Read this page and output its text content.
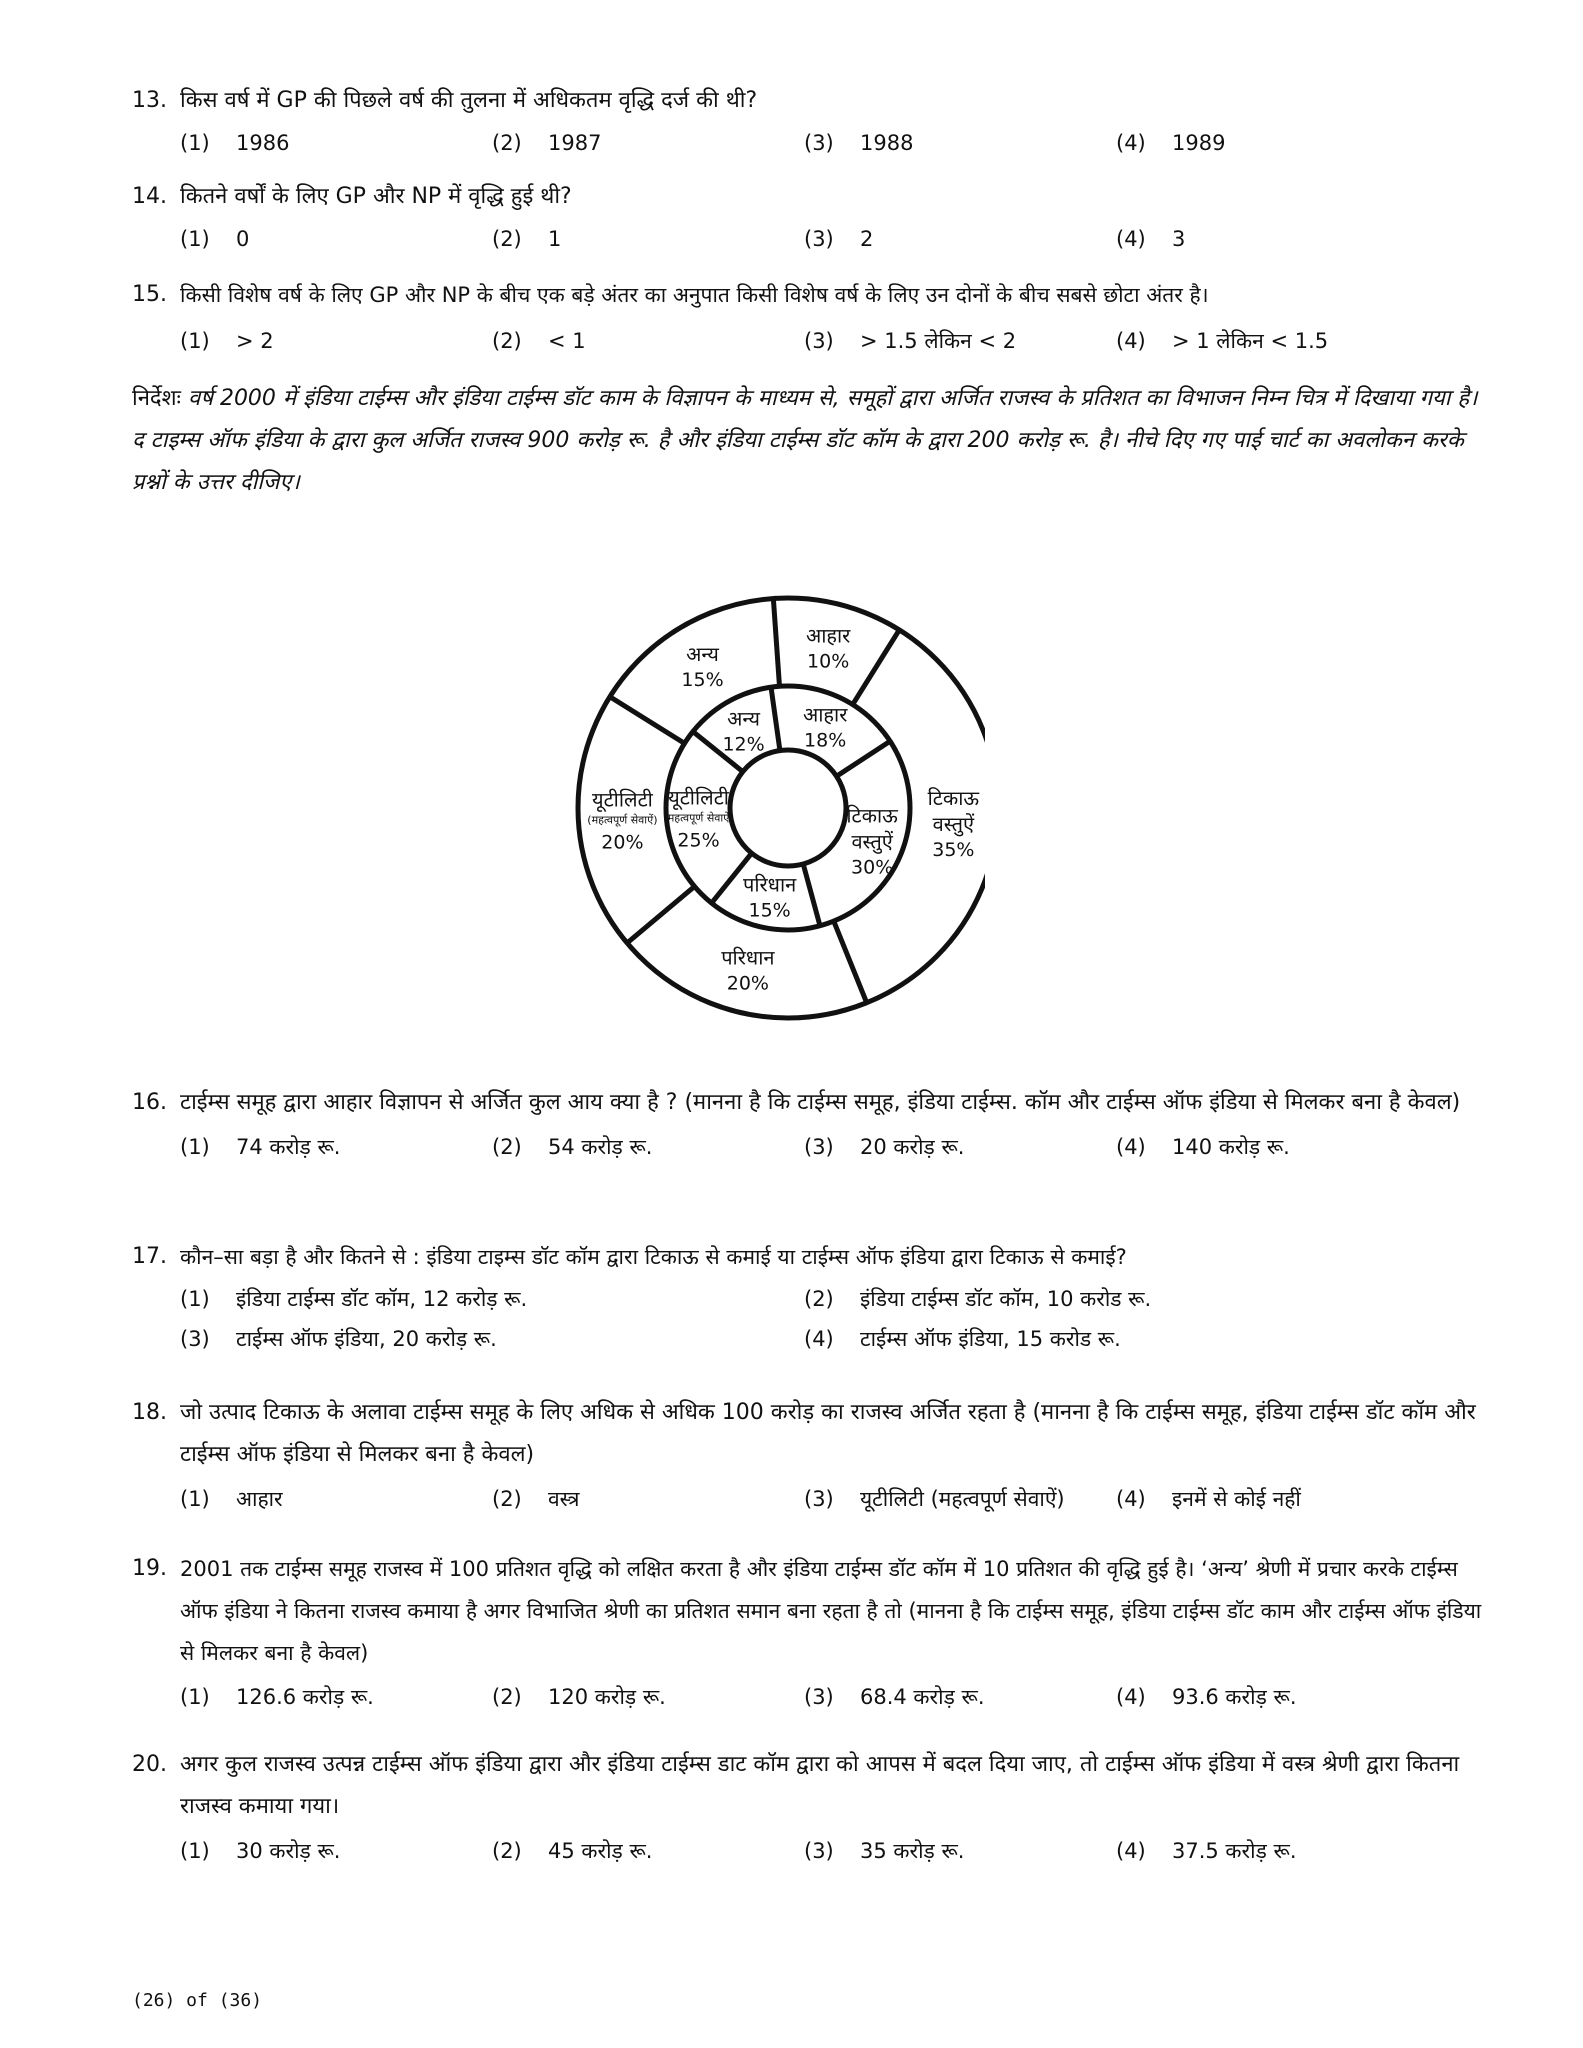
13. किस वर्ष में GP की पिछले वर्ष की तुलना में अधिकतम वृद्धि दर्ज की थी?
(1) 1986	(2) 1987	(3) 1988	(4) 1989
14. कितने वर्षों के लिए GP और NP में वृद्धि हुई थी?
(1) 0	(2) 1	(3) 2	(4) 3
15. किसी विशेष वर्ष के लिए GP और NP के बीच एक बड़े अंतर का अनुपात किसी विशेष वर्ष के लिए उन दोनों के बीच सबसे छोटा अंतर है।
(1) > 2	(2) < 1	(3) > 1.5 लेकिन < 2	(4) > 1 लेकिन < 1.5
निर्देशः वर्ष 2000 में इंडिया टाईम्स और इंडिया टाईम्स डॉट काम के विज्ञापन के माध्यम से, समूहों द्वारा अर्जित राजस्व के प्रतिशत का विभाजन निम्न चित्र में दिखाया गया है। द टाइम्स ऑफ इंडिया के द्वारा कुल अर्जित राजस्व 900 करोड़ रू. है और इंडिया टाईम्स डॉट कॉम के द्वारा 200 करोड़ रू. है। नीचे दिए गए पाई चार्ट का अवलोकन करके प्रश्नों के उत्तर दीजिए।
आहार
10%
टिकाऊ
वस्तुऐं
35%
परिधान
20%
यूटीलिटी
(महत्वपूर्ण सेवाऐं)
20%
अन्य
15%
आहार
18%
टिकाऊ
वस्तुऐं
30%
परिधान
15%
यूटीलिटी
(महत्वपूर्ण सेवाऐं)
25%
अन्य
12%
16. टाईम्स समूह द्वारा आहार विज्ञापन से अर्जित कुल आय क्या है ? (मानना है कि टाईम्स समूह, इंडिया टाईम्स. कॉम और टाईम्स ऑफ इंडिया से मिलकर बना है केवल)
(1) 74 करोड़ रू.	(2) 54 करोड़ रू.	(3) 20 करोड़ रू.	(4) 140 करोड़ रू.
17. कौन–सा बड़ा है और कितने से : इंडिया टाइम्स डॉट कॉम द्वारा टिकाऊ से कमाई या टाईम्स ऑफ इंडिया द्वारा टिकाऊ से कमाई?
(1) इंडिया टाईम्स डॉट कॉम, 12 करोड़ रू.	(2) इंडिया टाईम्स डॉट कॉम, 10 करोड रू.
(3) टाईम्स ऑफ इंडिया, 20 करोड़ रू.	(4) टाईम्स ऑफ इंडिया, 15 करोड रू.
18. जो उत्पाद टिकाऊ के अलावा टाईम्स समूह के लिए अधिक से अधिक 100 करोड़ का राजस्व अर्जित रहता है (मानना है कि टाईम्स समूह, इंडिया टाईम्स डॉट कॉम और टाईम्स ऑफ इंडिया से मिलकर बना है केवल)
(1) आहार	(2) वस्त्र	(3) यूटीलिटी (महत्वपूर्ण सेवाऐं) (4) इनमें से कोई नहीं
19. 2001 तक टाईम्स समूह राजस्व में 100 प्रतिशत वृद्धि को लक्षित करता है और इंडिया टाईम्स डॉट कॉम में 10 प्रतिशत की वृद्धि हुई है। ‘अन्य’ श्रेणी में प्रचार करके टाईम्स ऑफ इंडिया ने कितना राजस्व कमाया है अगर विभाजित श्रेणी का प्रतिशत समान बना रहता है तो (मानना है कि टाईम्स समूह, इंडिया टाईम्स डॉट काम और टाईम्स ऑफ इंडिया से मिलकर बना है केवल)
(1) 126.6 करोड़ रू.	(2) 120 करोड़ रू.	(3) 68.4 करोड़ रू.	(4) 93.6 करोड़ रू.
20. अगर कुल राजस्व उत्पन्न टाईम्स ऑफ इंडिया द्वारा और इंडिया टाईम्स डाट कॉम द्वारा को आपस में बदल दिया जाए, तो टाईम्स ऑफ इंडिया में वस्त्र श्रेणी द्वारा कितना राजस्व कमाया गया।
(1) 30 करोड़ रू.	(2) 45 करोड़ रू.	(3) 35 करोड़ रू.	(4) 37.5 करोड़ रू.
(26) of (36)
